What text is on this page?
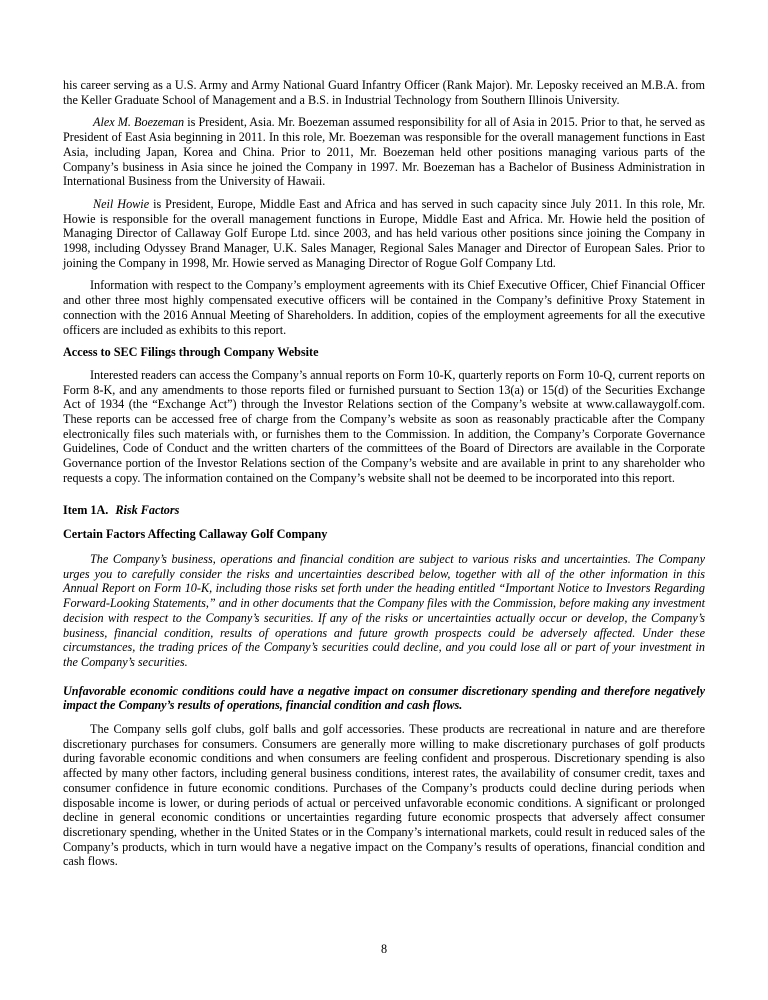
his career serving as a U.S. Army and Army National Guard Infantry Officer (Rank Major). Mr. Leposky received an M.B.A. from the Keller Graduate School of Management and a B.S. in Industrial Technology from Southern Illinois University.

Alex M. Boezeman is President, Asia. Mr. Boezeman assumed responsibility for all of Asia in 2015. Prior to that, he served as President of East Asia beginning in 2011. In this role, Mr. Boezeman was responsible for the overall management functions in East Asia, including Japan, Korea and China. Prior to 2011, Mr. Boezeman held other positions managing various parts of the Company’s business in Asia since he joined the Company in 1997. Mr. Boezeman has a Bachelor of Business Administration in International Business from the University of Hawaii.

Neil Howie is President, Europe, Middle East and Africa and has served in such capacity since July 2011. In this role, Mr. Howie is responsible for the overall management functions in Europe, Middle East and Africa. Mr. Howie held the position of Managing Director of Callaway Golf Europe Ltd. since 2003, and has held various other positions since joining the Company in 1998, including Odyssey Brand Manager, U.K. Sales Manager, Regional Sales Manager and Director of European Sales. Prior to joining the Company in 1998, Mr. Howie served as Managing Director of Rogue Golf Company Ltd.

Information with respect to the Company’s employment agreements with its Chief Executive Officer, Chief Financial Officer and other three most highly compensated executive officers will be contained in the Company’s definitive Proxy Statement in connection with the 2016 Annual Meeting of Shareholders. In addition, copies of the employment agreements for all the executive officers are included as exhibits to this report.

Access to SEC Filings through Company Website

Interested readers can access the Company’s annual reports on Form 10-K, quarterly reports on Form 10-Q, current reports on Form 8-K, and any amendments to those reports filed or furnished pursuant to Section 13(a) or 15(d) of the Securities Exchange Act of 1934 (the “Exchange Act”) through the Investor Relations section of the Company’s website at www.callawaygolf.com. These reports can be accessed free of charge from the Company’s website as soon as reasonably practicable after the Company electronically files such materials with, or furnishes them to the Commission. In addition, the Company’s Corporate Governance Guidelines, Code of Conduct and the written charters of the committees of the Board of Directors are available in the Corporate Governance portion of the Investor Relations section of the Company’s website and are available in print to any shareholder who requests a copy. The information contained on the Company’s website shall not be deemed to be incorporated into this report.

Item 1A. Risk Factors

Certain Factors Affecting Callaway Golf Company

The Company’s business, operations and financial condition are subject to various risks and uncertainties. The Company urges you to carefully consider the risks and uncertainties described below, together with all of the other information in this Annual Report on Form 10-K, including those risks set forth under the heading entitled “Important Notice to Investors Regarding Forward-Looking Statements,” and in other documents that the Company files with the Commission, before making any investment decision with respect to the Company’s securities. If any of the risks or uncertainties actually occur or develop, the Company’s business, financial condition, results of operations and future growth prospects could be adversely affected. Under these circumstances, the trading prices of the Company’s securities could decline, and you could lose all or part of your investment in the Company’s securities.

Unfavorable economic conditions could have a negative impact on consumer discretionary spending and therefore negatively impact the Company’s results of operations, financial condition and cash flows.

The Company sells golf clubs, golf balls and golf accessories. These products are recreational in nature and are therefore discretionary purchases for consumers. Consumers are generally more willing to make discretionary purchases of golf products during favorable economic conditions and when consumers are feeling confident and prosperous. Discretionary spending is also affected by many other factors, including general business conditions, interest rates, the availability of consumer credit, taxes and consumer confidence in future economic conditions. Purchases of the Company’s products could decline during periods when disposable income is lower, or during periods of actual or perceived unfavorable economic conditions. A significant or prolonged decline in general economic conditions or uncertainties regarding future economic prospects that adversely affect consumer discretionary spending, whether in the United States or in the Company’s international markets, could result in reduced sales of the Company’s products, which in turn would have a negative impact on the Company’s results of operations, financial condition and cash flows.

8
